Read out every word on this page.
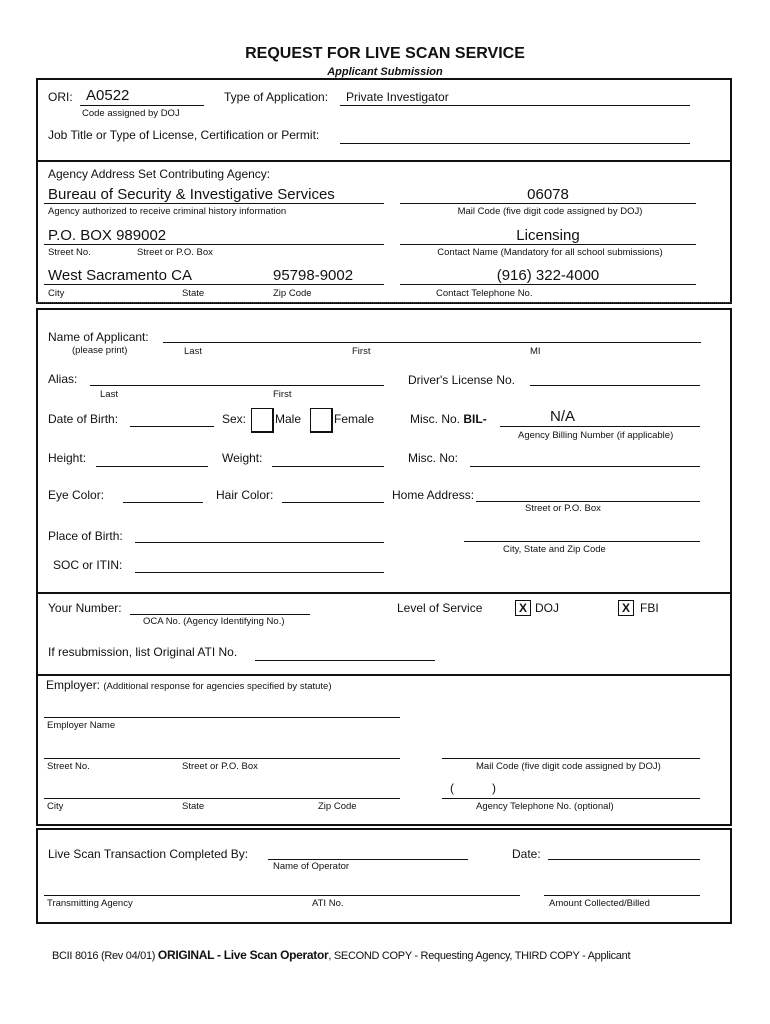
REQUEST FOR LIVE SCAN SERVICE
Applicant Submission
ORI: A0522
Code assigned by DOJ
Type of Application: Private Investigator
Job Title or Type of License, Certification or Permit:
Agency Address Set Contributing Agency:
Bureau of Security & Investigative Services
Agency authorized to receive criminal history information
06078
Mail Code (five digit code assigned by DOJ)
P.O. BOX 989002
Street No.	Street or P.O. Box
Licensing
Contact Name (Mandatory for all school submissions)
West Sacramento CA	95798-9002
City	State	Zip Code
(916) 322-4000
Contact Telephone No.
Name of Applicant:
(please print)	Last	First	MI
Alias:
Last	First
Driver's License No.
Date of Birth:	Sex: Male	Female	Misc. No. BIL-	N/A
Agency Billing Number (if applicable)
Height:	Weight:	Misc. No:
Eye Color:	Hair Color:	Home Address:
Street or P.O. Box
Place of Birth:
City, State and Zip Code
SOC or ITIN:
Your Number:
OCA No. (Agency Identifying No.)
Level of Service	X DOJ	X FBI
If resubmission, list Original ATI No.
Employer: (Additional response for agencies specified by statute)
Employer Name
Street No.	Street or P.O. Box	Mail Code (five digit code assigned by DOJ)
City	State	Zip Code
(	)
Agency Telephone No. (optional)
Live Scan Transaction Completed By:
Name of Operator
Date:
Transmitting Agency	ATI No.	Amount Collected/Billed
BCII 8016 (Rev 04/01) ORIGINAL - Live Scan Operator, SECOND COPY - Requesting Agency, THIRD COPY - Applicant
